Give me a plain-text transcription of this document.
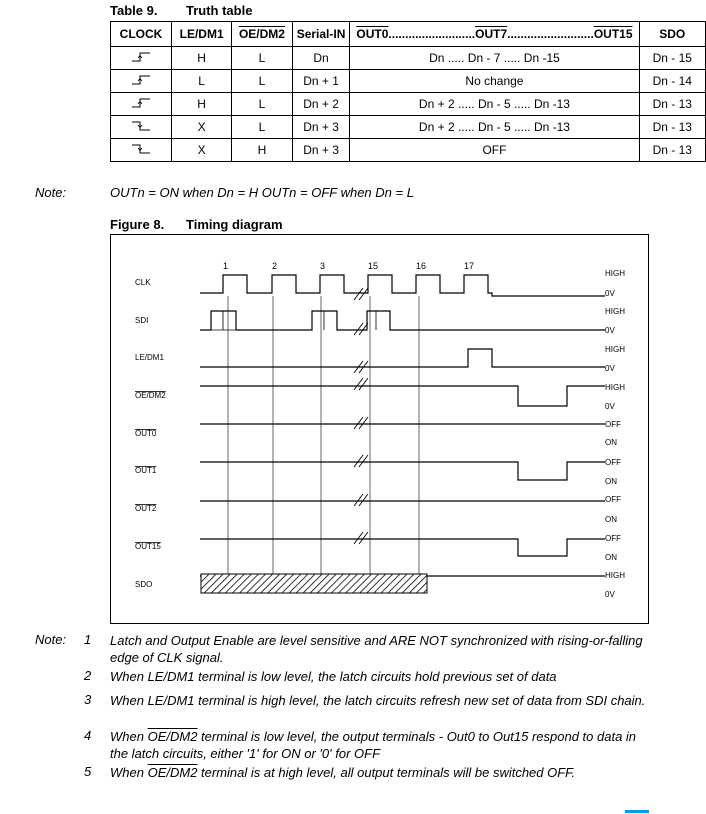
Table 9. Truth table
CLOCK	LE/DM1	OE/DM2	Serial-IN	OUT0 .......................... OUT7 .......................... OUT15	SDO
	H	L	Dn	Dn ..... Dn - 7 ..... Dn -15	Dn - 15
	L	L	Dn + 1	No change	Dn - 14
	H	L	Dn + 2	Dn + 2 ..... Dn - 5 ..... Dn -13	Dn - 13
	X	L	Dn + 3	Dn + 2 ..... Dn - 5 ..... Dn -13	Dn - 13
	X	H	Dn + 3	OFF	Dn - 13
Note:	OUTn = ON when Dn = H OUTn = OFF when Dn = L
Figure 8. Timing diagram
1	2	3	15	16	17
CLK
SDI
LE/DM1
OE/DM2
OUT0
OUT1
OUT2
OUT15
SDO
HIGH
0V
HIGH
0V
HIGH
0V
HIGH
0V
OFF
ON
OFF
ON
OFF
ON
OFF
ON
HIGH
0V
Note: 1 Latch and Output Enable are level sensitive and ARE NOT synchronized with rising-or-falling edge of CLK signal.
2 When LE/DM1 terminal is low level, the latch circuits hold previous set of data
3 When LE/DM1 terminal is high level, the latch circuits refresh new set of data from SDI chain.
4 When OE/DM2 terminal is low level, the output terminals - Out0 to Out15 respond to data in the latch circuits, either '1' for ON or '0' for OFF
5 When OE/DM2 terminal is at high level, all output terminals will be switched OFF.
